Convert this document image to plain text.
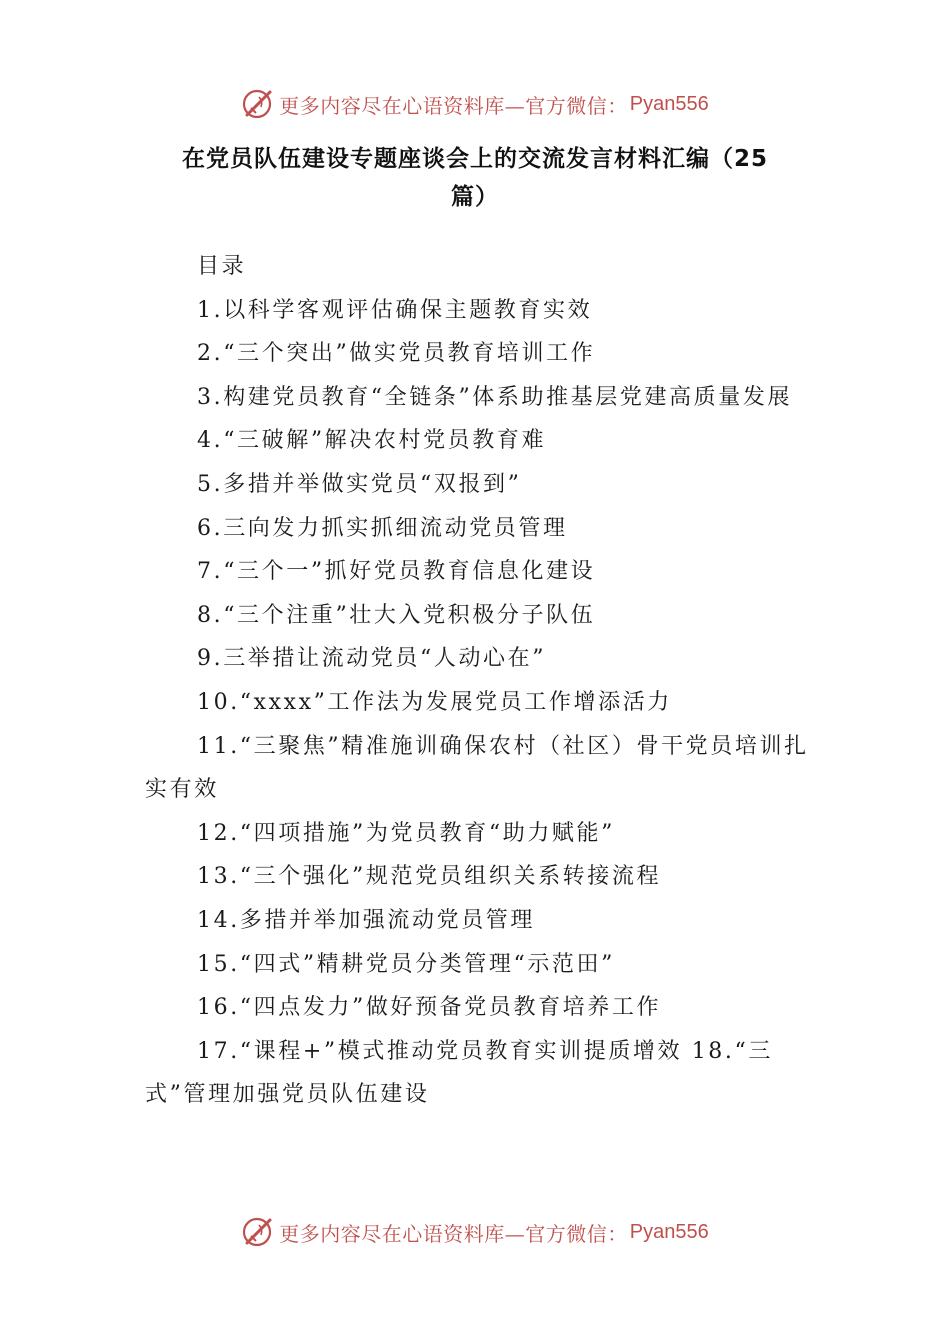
更多内容尽在心语资料库—官方微信： Pyan556
在党员队伍建设专题座谈会上的交流发言材料汇编（25篇）

目录

1.以科学客观评估确保主题教育实效

2.“三个突出”做实党员教育培训工作

3.构建党员教育“全链条”体系助推基层党建高质量发展

4.“三破解”解决农村党员教育难

5.多措并举做实党员“双报到”

6.三向发力抓实抓细流动党员管理

7.“三个一”抓好党员教育信息化建设

8.“三个注重”壮大入党积极分子队伍

9.三举措让流动党员“人动心在”

10.“xxxx”工作法为发展党员工作增添活力

11.“三聚焦”精准施训确保农村（社区）骨干党员培训扎实有效

12.“四项措施”为党员教育“助力赋能”

13.“三个强化”规范党员组织关系转接流程

14.多措并举加强流动党员管理

15.“四式”精耕党员分类管理“示范田”

16.“四点发力”做好预备党员教育培养工作

17.“课程+”模式推动党员教育实训提质增效 18.“三式”管理加强党员队伍建设

更多内容尽在心语资料库—官方微信： Pyan556
